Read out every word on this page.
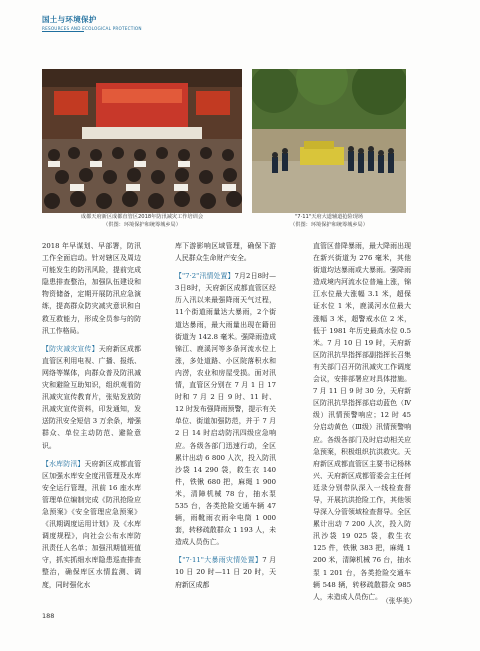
国土与环境保护
RESOURCES AND ECOLOGICAL PROTECTION
成都天府新区成都直管区2018年防汛减灾工作培训会
（供图：环境保护和统筹城乡局）
"7·11"天府大道辅道抢险现场
（供图：环境保护和统筹城乡局）

2018 年早谋划、早部署，防汛工作全面启动。针对辖区及周边可能发生的防汛风险，提前完成隐患排查整治，加强队伍建设和物资储备，定期开展防汛应急演练，提高群众防灾减灾意识和自救互救能力，形成全员参与的防汛工作格局。

【防灾减灾宣传】天府新区成都直管区利用电视、广播、报纸、网络等媒体，向群众普及防汛减灾和避险互助知识，组织观看防汛减灾宣传教育片，张贴发放防汛减灾宣传资料，印发通知，发送防汛安全短信 3 万余条，增强群众、单位主动防范、避险意识。

【水库防汛】天府新区成都直管区加强水库安全度汛管理及水库安全运行管理，汛前 16 座水库管理单位编制完成《防汛抢险应急预案》《安全管理应急预案》《汛期调度运用计划》及《水库调度规程》，向社会公布水库防汛责任人名单；加强汛期值班值守，抓实抓细水库隐患巡查排查整治，确保库区水情监测、调度，同时强化水

库下游影响区域管理，确保下游人民群众生命财产安全。

【"7·2"汛情处置】7月2日8时—3日8时，天府新区成都直管区经历入汛以来最强降雨天气过程，11个街道雨量达大暴雨，2个街道达暴雨，最大雨量出现在籍田街道为 142.8 毫米。强降雨造成锦江、鹿溪河等多条河流水位上涨，多处道路、小区院落积水和内涝，农业和房屋受损。面对汛情，直管区分别在 7 月 1 日 17 时和 7 月 2 日 9 时、11 时、12 时发布强降雨预警，提示有关单位、街道加强防范，并于 7 月 2 日 14 时启动防汛四级应急响应。各级各部门迅速行动，全区累计出动 6 800 人次，投入防汛沙袋 14 290 袋，救生衣 140 件，铁锹 680 把，麻绳 1 900 米，清障机械 78 台，抽水泵 535 台，各类抢险交通车辆 47 辆，雨靴雨衣雨伞电筒 1 000 套，转移疏散群众 1 193 人，未造成人员伤亡。

【"7·11"大暴雨灾情处置】7 月 10 日 20 时—11 日 20 时，天府新区成都

直管区普降暴雨，最大降雨出现在新兴街道为 276 毫米，其他街道均达暴雨或大暴雨。强降雨造成境内河流水位普遍上涨，锦江水位最大涨幅 3.1 米，超保证水位 1 米，鹿溪河水位最大涨幅 3 米，超警戒水位 2 米，低于 1981 年历史最高水位 0.5 米。7 月 10 日 19 时，天府新区防汛抗旱指挥部副指挥长召集有关部门召开防汛减灾工作调度会议，安排部署应对具体措施。7 月 11 日 9 时 30 分，天府新区防汛抗旱指挥部启动蓝色（Ⅳ级）汛情预警响应；12 时 45 分启动黄色（Ⅲ级）汛情预警响应。各级各部门及时启动相关应急预案，积极组织抗洪救灾。天府新区成都直管区主要书记杨林兴、天府新区成都管委会主任何廷录分别带队深入一线检查督导，开展抗洪抢险工作，其他领导深入分管领域检查督导。全区累计出动 7 200 人次，投入防汛沙袋 19 025 袋，救生衣 125 件，铁锹 383 把，麻绳 1 200 米，清障机械 76 台，抽水泵 1 201 台，各类抢险交通车辆 548 辆，转移疏散群众 985 人，未造成人员伤亡。

（张华美）
188
